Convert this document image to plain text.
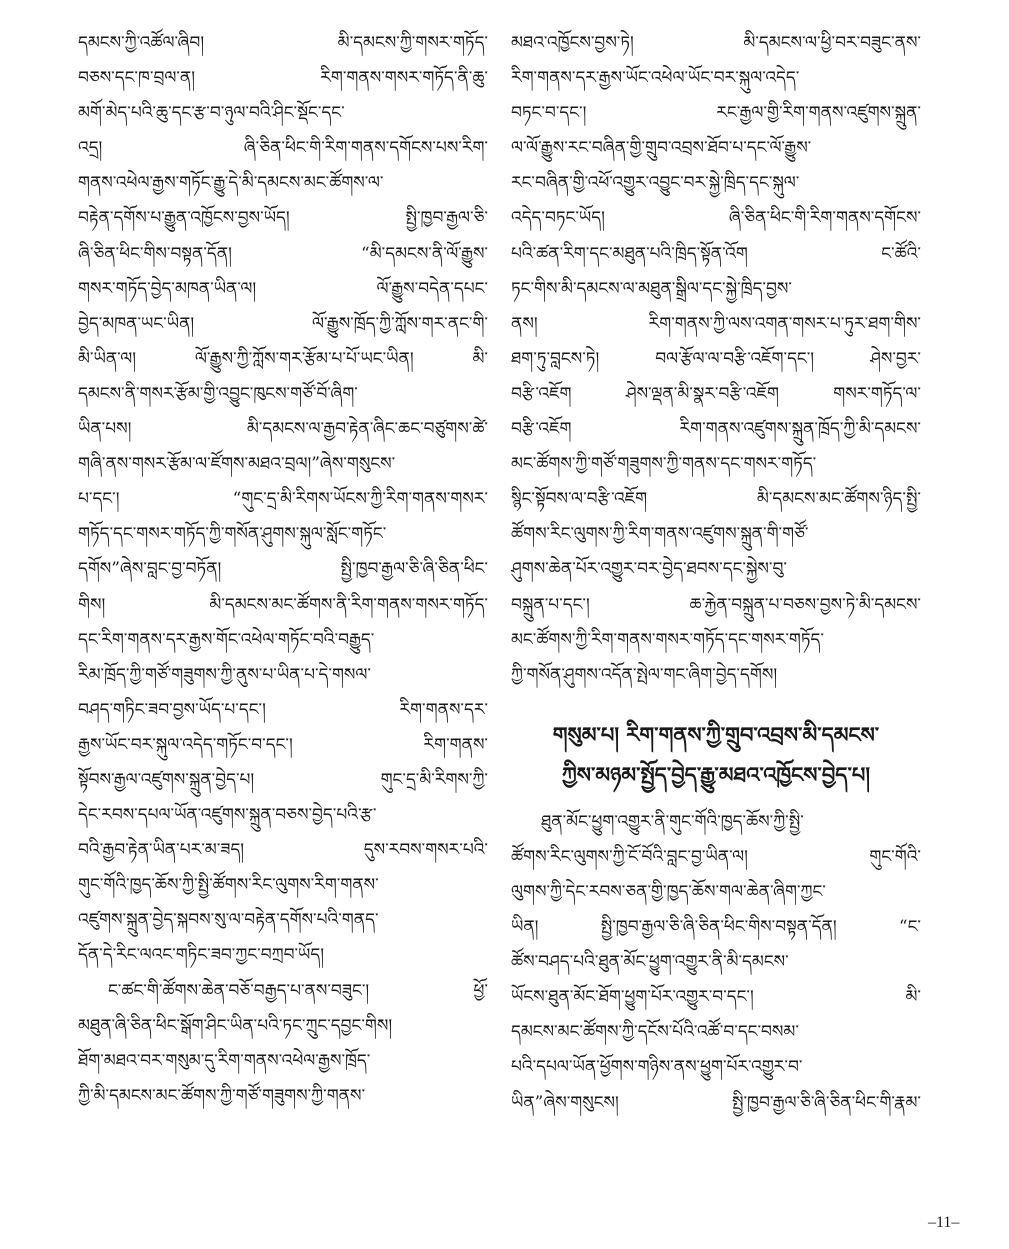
དམངས་ཀྱི་འཚོལ་ཞིབ། མི་དམངས་ཀྱི་གསར་གཏོད་
བཅས་དང་ཁ་བྲལ་ན། རིག་གནས་གསར་གཏོད་ནི་ཆུ་
མགོ་མེད་པའི་ཆུ་དང་རྩ་བ་ཉུལ་བའི་ཤིང་སྡོང་དང་
འདྲ། ཞི་ཅིན་ཕིང་གི་རིག་གནས་དགོངས་པས་རིག་
གནས་འཕེལ་རྒྱས་གཏོང་རྒྱུ་དེ་མི་དམངས་མང་ཚོགས་ལ་
བརྟེན་དགོས་པ་རྒྱུན་འཁྱོངས་བྱས་ཡོད། སྤྱི་ཁྱབ་རྒྱལ་ཅི་
ཞི་ཅིན་ཕིང་གིས་བསྟན་དོན། “མི་དམངས་ནི་ལོ་རྒྱུས་
གསར་གཏོད་བྱེད་མཁན་ཡིན་ལ། ལོ་རྒྱུས་བདེན་དཔང་
བྱེད་མཁན་ཡང་ཡིན། ལོ་རྒྱུས་ཁྲོད་ཀྱི་ཀློས་གར་ནང་གི་
མི་ཡིན་ལ། ལོ་རྒྱུས་ཀྱི་ཀློས་གར་རྩོམ་པ་པོ་ཡང་ཡིན། མི་
དམངས་ནི་གསར་རྩོམ་གྱི་འབྱུང་ཁུངས་གཙོ་བོ་ཞིག་
ཡིན་པས། མི་དམངས་ལ་རྒྱབ་རྟེན་ཞིང་ཆང་བཙུགས་ཚེ་
གཞི་ནས་གསར་རྩོམ་ལ་ཛོགས་མཐའ་བྲལ།”ཞེས་གསུངས་
པ་དང་། “གུང་དྲ་མི་རིགས་ཡོངས་ཀྱི་རིག་གནས་གསར་
གཏོད་དང་གསར་གཏོད་ཀྱི་གསོན་ཤུགས་སྐུལ་སློང་གཏོང་
དགོས”ཞེས་བླང་བྱ་བཏོན། སྤྱི་ཁྱབ་རྒྱལ་ཅི་ཞི་ཅིན་ཕིང་
གིས། མི་དམངས་མང་ཚོགས་ནི་རིག་གནས་གསར་གཏོད་
དང་རིག་གནས་དར་རྒྱས་གོང་འཕེལ་གཏོང་བའི་བརྒྱུད་
རིམ་ཁྲོད་ཀྱི་གཙོ་གཟུགས་ཀྱི་ནུས་པ་ཡིན་པ་དེ་གསལ་
བཤད་གཏིང་ཟབ་བྱས་ཡོད་པ་དང་། རིག་གནས་དར་
རྒྱས་ཡོང་བར་སྐུལ་འདེད་གཏོང་བ་དང་། རིག་གནས་
སྟོབས་རྒྱལ་འཛུགས་སྐྲུན་བྱེད་པ། གུང་དྲ་མི་རིགས་ཀྱི་
དེང་རབས་དཔལ་ཡོན་འཛུགས་སྐྲུན་བཅས་བྱེད་པའི་རྩ་
བའི་རྒྱབ་རྟེན་ཡིན་པར་མ་ཟད། དུས་རབས་གསར་པའི་
གུང་གོའི་ཁྱད་ཆོས་ཀྱི་སྤྱི་ཚོགས་རིང་ལུགས་རིག་གནས་
འཛུགས་སྐྲུན་བྱེད་སྐབས་སུ་ལ་བརྟེན་དགོས་པའི་གནད་
དོན་དེ་རིང་ལའང་གཏིང་ཟབ་ཀྱང་བཀྲབ་ཡོད།
ང་ཚང་གི་ཚོགས་ཆེན་བཅོ་བརྒྱད་པ་ནས་བཟུང་། ཕྱོ་
མཐུན་ཞི་ཅིན་ཕིང་སྒོག་ཤིང་ཡིན་པའི་ཏང་ཀྲུང་དབྱང་གིས།
ཐོག་མཐའ་བར་གསུམ་དུ་རིག་གནས་འཕེལ་རྒྱས་ཁྲོད་
ཀྱི་མི་དམངས་མང་ཚོགས་ཀྱི་གཙོ་གཟུགས་ཀྱི་གནས་
མཐའ་འཁྱོངས་བྱས་ཏེ། མི་དམངས་ལ་ཕྱི་བར་བཟུང་ནས་
རིག་གནས་དར་རྒྱས་ཡོང་འཕེལ་ཡོང་བར་སྐུལ་འདེད་
བཏང་བ་དང་། རང་རྒྱལ་གྱི་རིག་གནས་འཛུགས་སྐྲུན་
ལ་ལོ་རྒྱུས་རང་བཞིན་གྱི་གྲུབ་འབྲས་ཐོབ་པ་དང་ལོ་རྒྱུས་
རང་བཞིན་གྱི་འཕོ་འགྱུར་འབྱུང་བར་སྐྱེ་ཁྲིད་དང་སྐུལ་
འདེད་བཏང་ཡོད། ཞི་ཅིན་ཕིང་གི་རིག་གནས་དགོངས་
པའི་ཚན་རིག་དང་མཐུན་པའི་ཁྲིད་སྟོན་འོག ང་ཚོའི་
ཏང་གིས་མི་དམངས་ལ་མཐུན་སྒྲིལ་དང་སྐྱེ་ཁྲིད་བྱས་
ནས། རིག་གནས་ཀྱི་ལས་འགན་གསར་པ་ཏུར་ཐག་གིས་
ཐག་ཏུ་བླངས་ཏེ། བལ་རྩོལ་ལ་བརྩི་འཇོག་དང་། ཤེས་བྱར་
བརྩི་འཇོག ཤེས་ལྡན་མི་སྣར་བརྩི་འཇོག གསར་གཏོད་ལ་
བརྩི་འཇོག རིག་གནས་འཛུགས་སྐྲུན་ཁྲོད་ཀྱི་མི་དམངས་
མང་ཚོགས་ཀྱི་གཙོ་གཟུགས་ཀྱི་གནས་དང་གསར་གཏོད་
སྙིང་སྟོབས་ལ་བརྩི་འཇོག མི་དམངས་མང་ཚོགས་ཉིད་སྤྱི་
ཚོགས་རིང་ལུགས་ཀྱི་རིག་གནས་འཛུགས་སྐྲུན་གི་གཙོ་
ཤུགས་ཆེན་པོར་འགྱུར་བར་བྱེད་ཐབས་དང་སྐྱེས་བུ་
བསྐྲུན་པ་དང་། ཆ་རྐྱེན་བསྐྲུན་པ་བཅས་བྱས་ཏེ་མི་དམངས་
མང་ཚོགས་ཀྱི་རིག་གནས་གསར་གཏོད་དང་གསར་གཏོད་
ཀྱི་གསོན་ཤུགས་འདོན་སྤེལ་གང་ཞིག་བྱེད་དགོས།
གསུམ་པ། རིག་གནས་ཀྱི་གྲུབ་འབྲས་མི་དམངས་
ཀྱིས་མཉམ་སྤྱོད་བྱེད་རྒྱུ་མཐའ་འཁྱོངས་བྱེད་པ།
ཐུན་མོང་ཕྱུག་འགྱུར་ནི་གུང་གོའི་ཁྱད་ཆོས་ཀྱི་སྤྱི་
ཚོགས་རིང་ལུགས་ཀྱི་ངོ་བོའི་བླང་བྱ་ཡིན་ལ། གུང་གོའི་
ལུགས་ཀྱི་དེང་རབས་ཅན་གྱི་ཁྱད་ཆོས་གལ་ཆེན་ཞིག་ཀྱང་
ཡིན། སྤྱི་ཁྱབ་རྒྱལ་ཅི་ཞི་ཅིན་ཕིང་གིས་བསྟན་དོན། “ང་
ཚོས་བཤད་པའི་ཐུན་མོང་ཕྱུག་འགྱུར་ནི་མི་དམངས་
ཡོངས་ཐུན་མོང་ཐོག་ཕྱུག་པོར་འགྱུར་བ་དང་། མི་
དམངས་མང་ཚོགས་ཀྱི་དངོས་པོའི་འཚོ་བ་དང་བསམ་
པའི་དཔལ་ཡོན་ཕྱོགས་གཉིས་ནས་ཕྱུག་པོར་འགྱུར་བ་
ཡིན”ཞེས་གསུངས། སྤྱི་ཁྱབ་རྒྱལ་ཅི་ཞི་ཅིན་ཕིང་གི་རྣམ་
–11–
